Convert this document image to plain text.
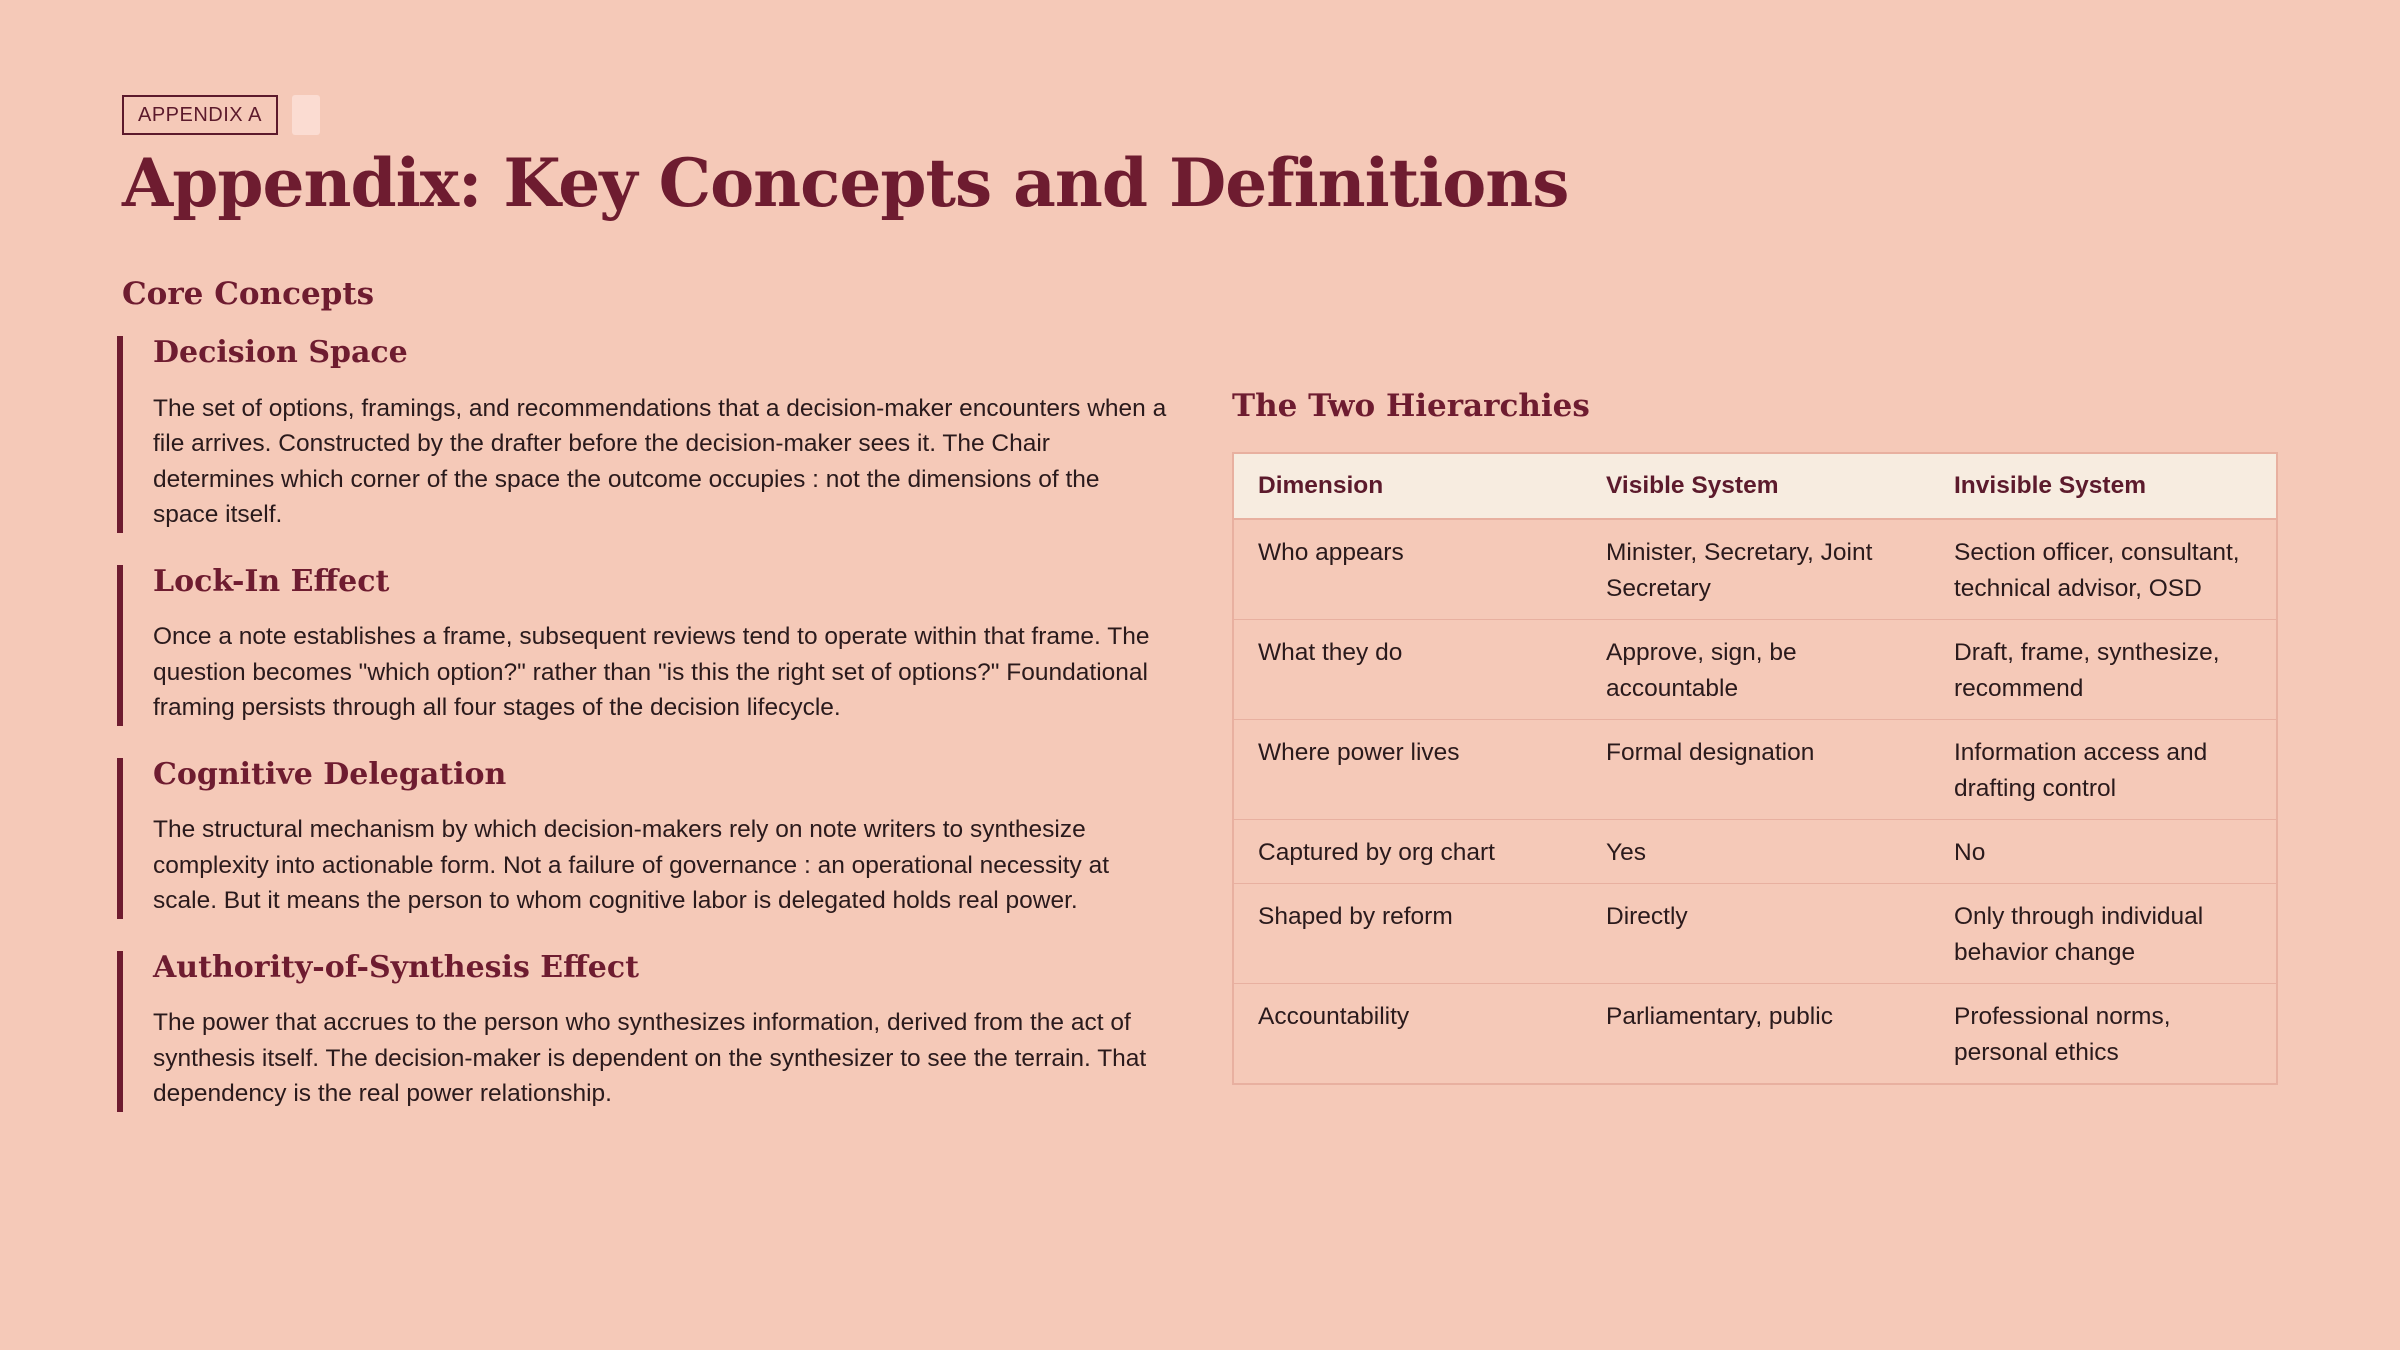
APPENDIX A
Appendix: Key Concepts and Definitions
Core Concepts
Decision Space

The set of options, framings, and recommendations that a decision-maker encounters when a file arrives. Constructed by the drafter before the decision-maker sees it. The Chair determines which corner of the space the outcome occupies : not the dimensions of the space itself.

Lock-In Effect

Once a note establishes a frame, subsequent reviews tend to operate within that frame. The question becomes "which option?" rather than "is this the right set of options?" Foundational framing persists through all four stages of the decision lifecycle.

Cognitive Delegation

The structural mechanism by which decision-makers rely on note writers to synthesize complexity into actionable form. Not a failure of governance : an operational necessity at scale. But it means the person to whom cognitive labor is delegated holds real power.

Authority-of-Synthesis Effect

The power that accrues to the person who synthesizes information, derived from the act of synthesis itself. The decision-maker is dependent on the synthesizer to see the terrain. That dependency is the real power relationship.

The Two Hierarchies
Dimension	Visible System	Invisible System
Who appears	Minister, Secretary, Joint Secretary	Section officer, consultant, technical advisor, OSD
What they do	Approve, sign, be accountable	Draft, frame, synthesize, recommend
Where power lives	Formal designation	Information access and drafting control
Captured by org chart	Yes	No
Shaped by reform	Directly	Only through individual behavior change
Accountability	Parliamentary, public	Professional norms, personal ethics
